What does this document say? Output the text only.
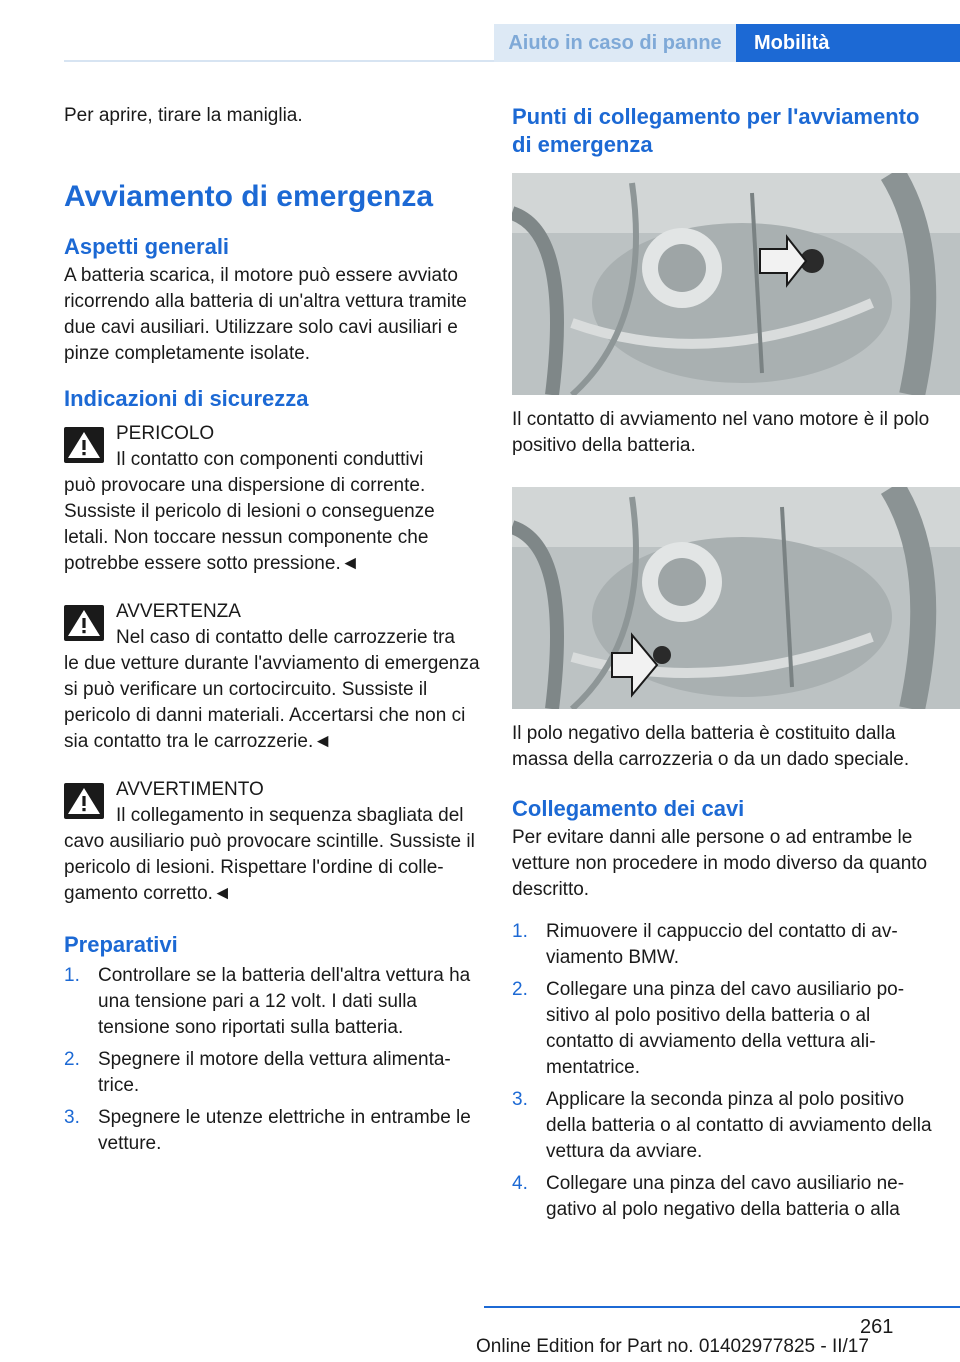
Aiuto in caso di panne	Mobilità

Per aprire, tirare la maniglia.

Avviamento di emergenza
Aspetti generali

A batteria scarica, il motore può essere avviato ricorrendo alla batteria di un'altra vettura tramite due cavi ausiliari. Utilizzare solo cavi ausiliari e pinze completamente isolate.

Indicazioni di sicurezza
PERICOLO
Il contatto con componenti conduttivi
può provocare una dispersione di corrente. Sussiste il pericolo di lesioni o conseguenze letali. Non toccare nessun componente che potrebbe essere sotto pressione.◄
AVVERTENZA
Nel caso di contatto delle carrozzerie tra
le due vetture durante l'avviamento di emergenza si può verificare un cortocircuito. Sussiste il pericolo di danni materiali. Accertarsi che non ci sia contatto tra le carrozzerie.◄
AVVERTIMENTO
Il collegamento in sequenza sbagliata del
cavo ausiliario può provocare scintille. Sussiste il pericolo di lesioni. Rispettare l'ordine di collegamento corretto.◄
Preparativi
1. Controllare se la batteria dell'altra vettura ha una tensione pari a 12 volt. I dati sulla tensione sono riportati sulla batteria.
2. Spegnere il motore della vettura alimentatrice.
3. Spegnere le utenze elettriche in entrambe le vetture.
Punti di collegamento per l'avviamento di emergenza

Il contatto di avviamento nel vano motore è il polo positivo della batteria.

Il polo negativo della batteria è costituito dalla massa della carrozzeria o da un dado speciale.

Collegamento dei cavi

Per evitare danni alle persone o ad entrambe le vetture non procedere in modo diverso da quanto descritto.

1. Rimuovere il cappuccio del contatto di avviamento BMW.
2. Collegare una pinza del cavo ausiliario positivo al polo positivo della batteria o al contatto di avviamento della vettura alimentatrice.
3. Applicare la seconda pinza al polo positivo della batteria o al contatto di avviamento della vettura da avviare.
4. Collegare una pinza del cavo ausiliario negativo al polo negativo della batteria o alla
261
Online Edition for Part no. 01402977825 - II/17
